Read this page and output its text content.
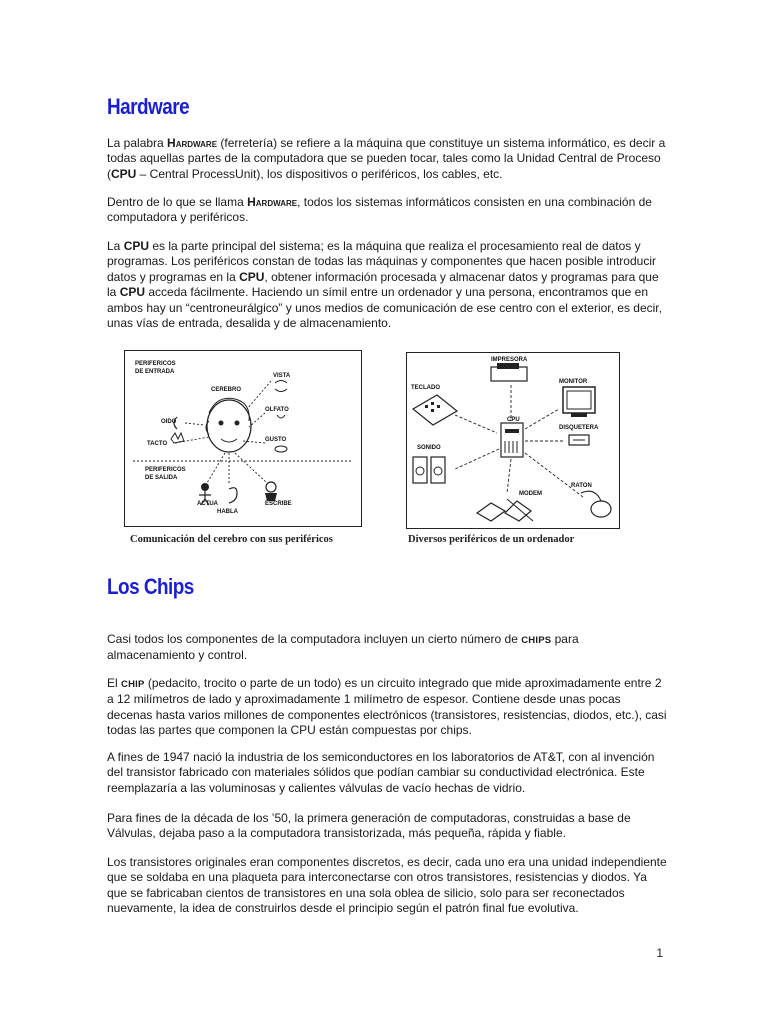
Hardware

La palabra Hardware (ferretería) se refiere a la máquina que constituye un sistema informático, es decir a todas aquellas partes de la computadora que se pueden tocar, tales como la Unidad Central de Proceso (CPU – Central ProcessUnit), los dispositivos o periféricos, los cables, etc.

Dentro de lo que se llama Hardware, todos los sistemas informáticos consisten en una combinación de computadora y periféricos.

La CPU es la parte principal del sistema; es la máquina que realiza el procesamiento real de datos y programas. Los periféricos constan de todas las máquinas y componentes que hacen posible introducir datos y programas en la CPU, obtener información procesada y almacenar datos y programas para que la CPU acceda fácilmente. Haciendo un símil entre un ordenador y una persona, encontramos que en ambos hay un “centroneurálgico” y unos medios de comunicación de ese centro con el exterior, es decir, unas vías de entrada, desalida y de almacenamiento.

PERIFERICOS
DE ENTRADA
VISTA
CEREBRO
OLFATO
OIDO
TACTO
GUSTO
PERIFERICOS
DE SALIDA
ACTUA
HABLA
ESCRIBE
Comunicación del cerebro con sus periféricos
IMPRESORA
TECLADO
MONITOR
CPU
DISQUETERA
SONIDO
RATON
MODEM
Diversos periféricos de un ordenador
Los Chips

Casi todos los componentes de la computadora incluyen un cierto número de CHIPS para almacenamiento y control.

El CHIP (pedacito, trocito o parte de un todo) es un circuito integrado que mide aproximadamente entre 2 a 12 milímetros de lado y aproximadamente 1 milímetro de espesor. Contiene desde unas pocas decenas hasta varios millones de componentes electrónicos (transistores, resistencias, diodos, etc.), casi todas las partes que componen la CPU están compuestas por chips.

A fines de 1947 nació la industria de los semiconductores en los laboratorios de AT&T, con al invención del transistor fabricado con materiales sólidos que podían cambiar su conductividad electrónica. Este reemplazaría a las voluminosas y calientes válvulas de vacío hechas de vidrio.

Para fines de la década de los ’50, la primera generación de computadoras, construidas a base de Válvulas, dejaba paso a la computadora transistorizada, más pequeña, rápida y fiable.

Los transistores originales eran componentes discretos, es decir, cada uno era una unidad independiente que se soldaba en una plaqueta para interconectarse con otros transistores, resistencias y diodos. Ya que se fabricaban cientos de transistores en una sola oblea de silicio, solo para ser reconectados nuevamente, la idea de construirlos desde el principio según el patrón final fue evolutiva.

1
